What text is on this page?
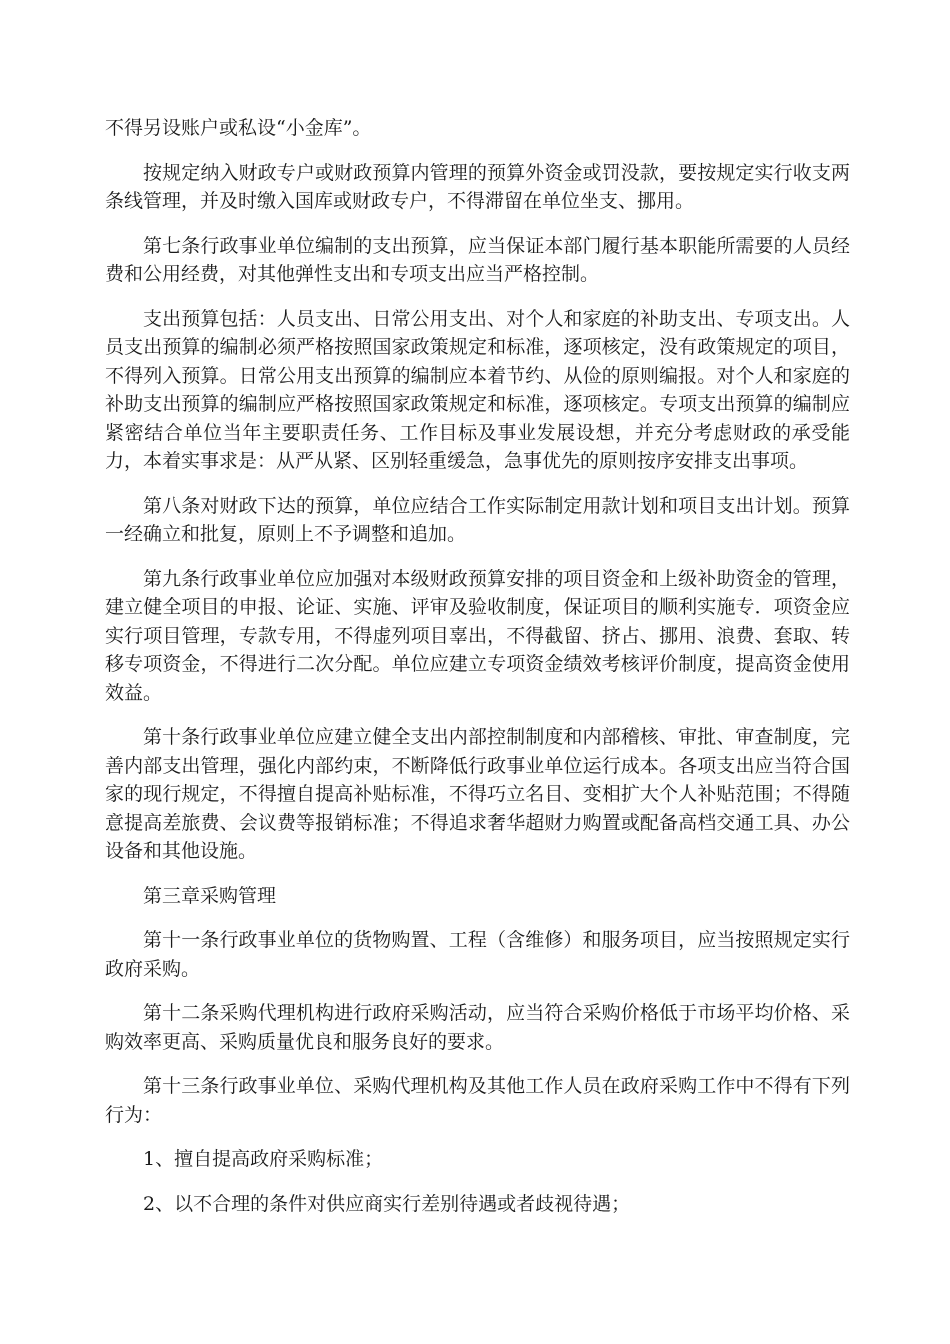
不得另设账户或私设“小金库”。

按规定纳入财政专户或财政预算内管理的预算外资金或罚没款，要按规定实行收支两条线管理，并及时缴入国库或财政专户，不得滞留在单位坐支、挪用。

第七条行政事业单位编制的支出预算，应当保证本部门履行基本职能所需要的人员经费和公用经费，对其他弹性支出和专项支出应当严格控制。

支出预算包括：人员支出、日常公用支出、对个人和家庭的补助支出、专项支出。人员支出预算的编制必须严格按照国家政策规定和标准，逐项核定，没有政策规定的项目，不得列入预算。日常公用支出预算的编制应本着节约、从俭的原则编报。对个人和家庭的补助支出预算的编制应严格按照国家政策规定和标准，逐项核定。专项支出预算的编制应紧密结合单位当年主要职责任务、工作目标及事业发展设想，并充分考虑财政的承受能力，本着实事求是：从严从紧、区别轻重缓急，急事优先的原则按序安排支出事项。

第八条对财政下达的预算，单位应结合工作实际制定用款计划和项目支出计划。预算一经确立和批复，原则上不予调整和追加。

第九条行政事业单位应加强对本级财政预算安排的项目资金和上级补助资金的管理，建立健全项目的申报、论证、实施、评审及验收制度，保证项目的顺利实施专．项资金应实行项目管理，专款专用，不得虚列项目辜出，不得截留、挤占、挪用、浪费、套取、转移专项资金，不得进行二次分配。单位应建立专项资金绩效考核评价制度，提高资金使用效益。

第十条行政事业单位应建立健全支出内部控制制度和内部稽核、审批、审查制度，完善内部支出管理，强化内部约束，不断降低行政事业单位运行成本。各项支出应当符合国家的现行规定，不得擅自提高补贴标准，不得巧立名目、变相扩大个人补贴范围；不得随意提高差旅费、会议费等报销标准；不得追求奢华超财力购置或配备高档交通工具、办公设备和其他设施。

第三章采购管理

第十一条行政事业单位的货物购置、工程（含维修）和服务项目，应当按照规定实行政府采购。

第十二条采购代理机构进行政府采购活动，应当符合采购价格低于市场平均价格、采购效率更高、采购质量优良和服务良好的要求。

第十三条行政事业单位、采购代理机构及其他工作人员在政府采购工作中不得有下列行为：

1、擅自提高政府采购标准；

2、以不合理的条件对供应商实行差别待遇或者歧视待遇；
